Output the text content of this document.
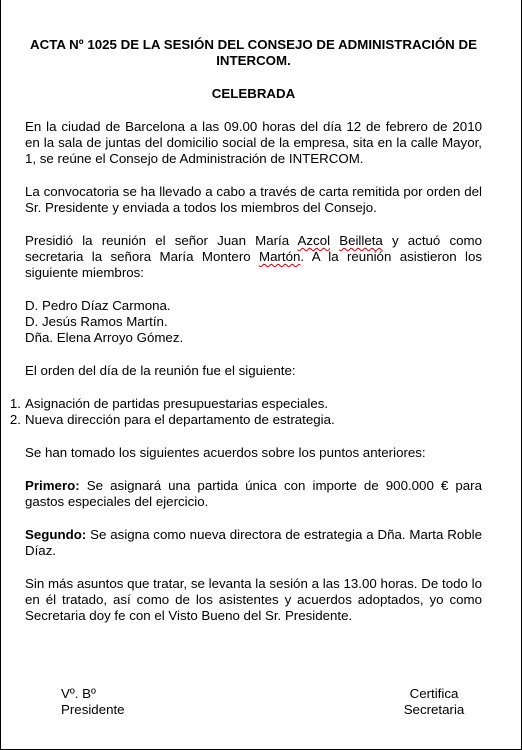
ACTA Nº 1025 DE LA SESIÓN DEL CONSEJO DE ADMINISTRACIÓN DE INTERCOM.

CELEBRADA

En la ciudad de Barcelona a las 09.00 horas del día 12 de febrero de 2010 en la sala de juntas del domicilio social de la empresa, sita en la calle Mayor, 1, se reúne el Consejo de Administración de INTERCOM.

La convocatoria se ha llevado a cabo a través de carta remitida por orden del Sr. Presidente y enviada a todos los miembros del Consejo.

Presidió la reunión el señor Juan María Azcol Beilleta y actuó como secretaria la señora María Montero Martón. A la reunión asistieron los siguiente miembros:

D. Pedro Díaz Carmona.
D. Jesús Ramos Martín.
Dña. Elena Arroyo Gómez.

El orden del día de la reunión fue el siguiente:

1. Asignación de partidas presupuestarias especiales.
2. Nueva dirección para el departamento de estrategia.

Se han tomado los siguientes acuerdos sobre los puntos anteriores:

Primero: Se asignará una partida única con importe de 900.000 € para gastos especiales del ejercicio.

Segundo: Se asigna como nueva directora de estrategia a Dña. Marta Roble Díaz.

Sin más asuntos que tratar, se levanta la sesión a las 13.00 horas. De todo lo en él tratado, así como de los asistentes y acuerdos adoptados, yo como Secretaria doy fe con el Visto Bueno del Sr. Presidente.

Vº. Bº
Presidente
Certifica
Secretaria
